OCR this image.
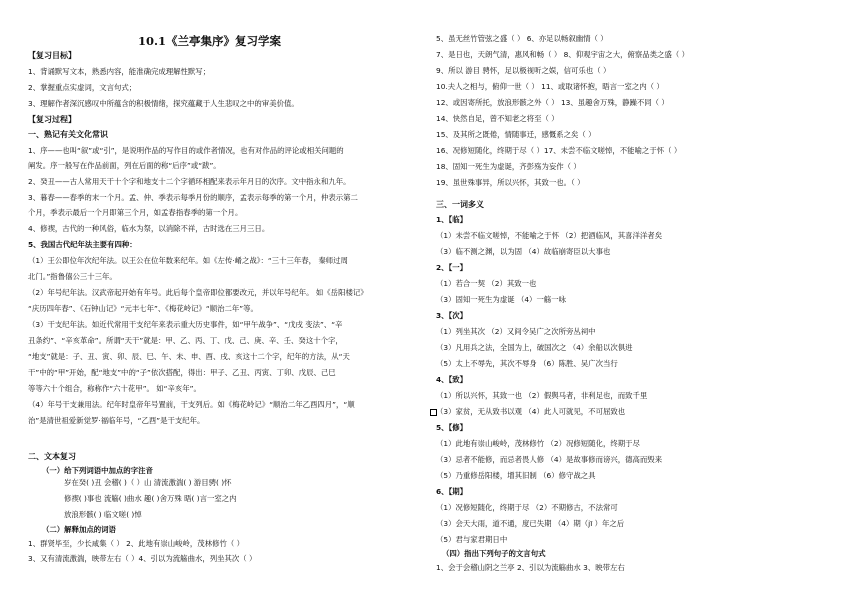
10.1《兰亭集序》复习学案
【复习目标】
1、背诵默写文本，熟悉内容，能准确完成理解性默写；
2、掌握重点实虚词，文言句式；
3、理解作者深沉感叹中所蕴含的积极情绪，探究蕴藏于人生悲叹之中的审美价值。
【复习过程】
一、熟记有关文化常识
1、序——也叫“叙”或“引”，是说明作品的写作目的或作者情况，也有对作品的评论或相关问题的
阐发。序一般写在作品前面，列在后面的称“后序”或“跋”。
2、癸丑——古人常用天干十个字和地支十二个字循环相配来表示年月日的次序。文中指永和九年。
3、暮春——春季的末一个月。孟、仲、季表示每季月份的顺序，孟表示每季的第一个月，仲表示第二
个月，季表示最后一个月即第三个月，如孟春指春季的第一个月。
4、修禊，古代的一种风俗，临水为祭，以消除不祥，古时选在三月三日。
5、我国古代纪年法主要有四种：
（1）王公即位年次纪年法。以王公在位年数来纪年。如《左传·崤之战》：“三十三年春， 秦师过周
北门。”指鲁僖公三十三年。
（2）年号纪年法。汉武帝起开始有年号。此后每个皇帝即位都要改元，并以年号纪年。 如《岳阳楼记》
“庆历四年春”、《石钟山记》“元丰七年”、《梅花岭记》“顺治二年”等。
（3）干支纪年法。如近代常用干支纪年来表示重大历史事件，如“甲午战争”、“戊戌 变法”、“辛
丑条约”、“辛亥革命”。所谓“天干”就是：甲、乙、丙、丁、戊、己、庚、辛、壬、癸这十个字，
“地支”就是：子、丑、寅、卯、辰、巳、午、未、申、酉、戌、亥这十二个字，纪年的方法，从“天
干”中的“甲”开始，配“地支”中的“子”依次搭配，得出：甲子、乙丑、丙寅、丁卯、戊辰、己巳
等等六十个组合，称称作“六十花甲”。 如“辛亥年”。
（4）年号干支兼用法。纪年时皇帝年号置前，干支列后。如《梅花岭记》“顺治二年乙酉四月”，“顺
治”是清世祖爱新觉罗·福临年号，“乙酉”是干支纪年。
二、文本复习
（一）给下列词语中加点的字注音
岁在癸( )丑 会稽( )（ ）山 清流激湍( ) 游目骋( )怀
修禊( )事也 流觞( )曲水 趣( )舍万殊 晤( )言一室之内
放浪形骸( ) 临文嗟( )悼
（二）解释加点的词语
1、群贤毕至，少长咸集（ ） 2、此地有崇山峻岭，茂林修竹（ ）
3、又有清流激湍，映带左右（ ）4、引以为流觞曲水，列坐其次（ ）
5、虽无丝竹管弦之盛（ ） 6、亦足以畅叙幽情（ ）
7、是日也，天朗气清，惠风和畅（ ） 8、仰观宇宙之大，俯察品类之盛（ ）
9、所以 游目 骋怀，足以极视听之娱，信可乐也（ ）
10.夫人之相与，俯仰一世（ ） 11、或取诸怀抱，晤言一室之内（ ）
12、或因寄所托，放浪形骸之外（ ） 13、虽趣舍万殊，静躁不同（ ）
14、快然自足，曾不知老之将至（ ）
15、及其所之既倦，情随事迁，感慨系之矣（ ）
16、况修短随化，终期于尽（ ）17、未尝不临文嗟悼，不能喻之于怀（ ）
18、固知一死生为虚诞，齐彭殇为妄作（ ）
19、虽世殊事异，所以兴怀，其致一也。（ ）
三、一词多义
1、【临】
（1）未尝不临文嗟悼，不能喻之于怀 （2）把酒临风，其喜洋洋者矣
（3）临不测之渊，以为固 （4）故临崩寄臣以大事也
2、【一】
（1）若合一契 （2）其致一也
（3）固知一死生为虚诞 （4）一觞一咏
3、【次】
（1）列坐其次 （2）又间令吴广之次所旁丛祠中
（3）凡用兵之法，全国为上，破国次之 （4）余船以次俱进
（5）太上不辱先，其次不辱身 （6）陈胜、吴广次当行
4、【致】
（1）所以兴怀，其致一也 （2）假舆马者，非利足也，而致千里
（3）家贫，无从致书以观 （4）此人可就见，不可屈致也
5、【修】
（1）此地有崇山峻岭，茂林修竹 （2）况修短随化，终期于尽
（3）忌者不能修，而忌者畏人修 （4）是故事修而谤兴，德高而毁来
（5）乃重修岳阳楼，增其旧制 （6）修守战之具
6、【期】
（1）况修短随化，终期于尽 （2）不期修古，不法常可
（3）会天大雨，道不通，度已失期 （4）期（jī ）年之后
（5）君与家君期日中
（四）指出下列句子的文言句式
1、会于会稽山阴之兰亭 2、引以为流觞曲水 3、映带左右
